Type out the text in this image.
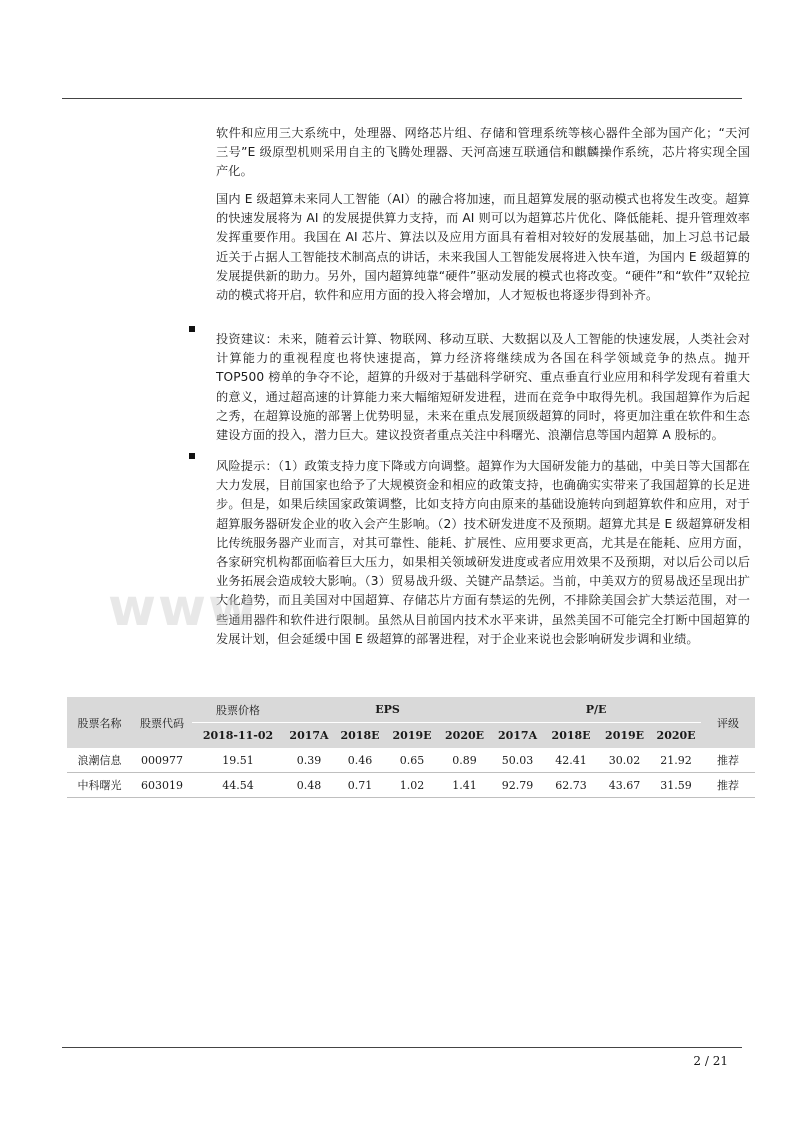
软件和应用三大系统中，处理器、网络芯片组、存储和管理系统等核心器件全部为国产化；“天河三号”E 级原型机则采用自主的飞腾处理器、天河高速互联通信和麒麟操作系统，芯片将实现全国产化。

国内 E 级超算未来同人工智能（AI）的融合将加速，而且超算发展的驱动模式也将发生改变。超算的快速发展将为 AI 的发展提供算力支持，而 AI 则可以为超算芯片优化、降低能耗、提升管理效率发挥重要作用。我国在 AI 芯片、算法以及应用方面具有着相对较好的发展基础，加上习总书记最近关于占据人工智能技术制高点的讲话，未来我国人工智能发展将进入快车道，为国内 E 级超算的发展提供新的助力。另外，国内超算纯靠“硬件”驱动发展的模式也将改变。“硬件”和“软件”双轮拉动的模式将开启，软件和应用方面的投入将会增加，人才短板也将逐步得到补齐。

投资建议：未来，随着云计算、物联网、移动互联、大数据以及人工智能的快速发展，人类社会对计算能力的重视程度也将快速提高，算力经济将继续成为各国在科学领域竞争的热点。抛开 TOP500 榜单的争夺不论，超算的升级对于基础科学研究、重点垂直行业应用和科学发现有着重大的意义，通过超高速的计算能力来大幅缩短研发进程，进而在竞争中取得先机。我国超算作为后起之秀，在超算设施的部署上优势明显，未来在重点发展顶级超算的同时，将更加注重在软件和生态建设方面的投入，潜力巨大。建议投资者重点关注中科曙光、浪潮信息等国内超算 A 股标的。

风险提示：（1）政策支持力度下降或方向调整。超算作为大国研发能力的基础，中美日等大国都在大力发展，目前国家也给予了大规模资金和相应的政策支持，也确确实实带来了我国超算的长足进步。但是，如果后续国家政策调整，比如支持方向由原来的基础设施转向到超算软件和应用，对于超算服务器研发企业的收入会产生影响。（2）技术研发进度不及预期。超算尤其是 E 级超算研发相比传统服务器产业而言，对其可靠性、能耗、扩展性、应用要求更高，尤其是在能耗、应用方面，各家研究机构都面临着巨大压力，如果相关领域研发进度或者应用效果不及预期，对以后公司以后业务拓展会造成较大影响。（3）贸易战升级、关键产品禁运。当前，中美双方的贸易战还呈现出扩大化趋势，而且美国对中国超算、存储芯片方面有禁运的先例，不排除美国会扩大禁运范围，对一些通用器件和软件进行限制。虽然从目前国内技术水平来讲，虽然美国不可能完全打断中国超算的发展计划，但会延缓中国 E 级超算的部署进程，对于企业来说也会影响研发步调和业绩。

www.
股票名称	股票代码	股票价格	EPS				P/E				评级
		2018-11-02	2017A	2018E	2019E	2020E	2017A	2018E	2019E	2020E	
浪潮信息	000977	19.51	0.39	0.46	0.65	0.89	50.03	42.41	30.02	21.92	推荐
中科曙光	603019	44.54	0.48	0.71	1.02	1.41	92.79	62.73	43.67	31.59	推荐
2 / 21
